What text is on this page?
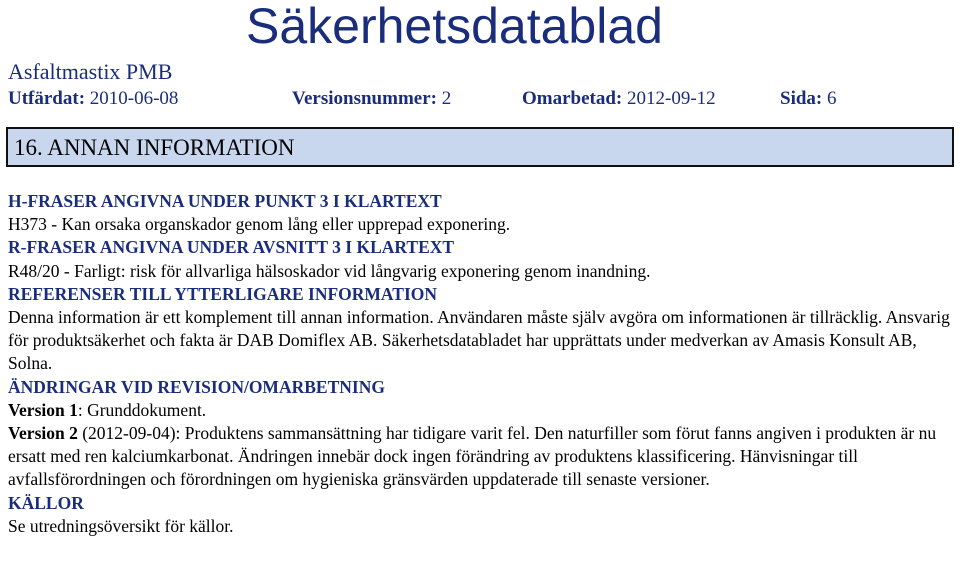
Säkerhetsdatablad
Asfaltmastix PMB
Utfärdat: 2010-06-08	Versionsnummer: 2	Omarbetad: 2012-09-12	Sida: 6
16. ANNAN INFORMATION

H-FRASER ANGIVNA UNDER PUNKT 3 I KLARTEXT

H373 - Kan orsaka organskador genom lång eller upprepad exponering.

R-FRASER ANGIVNA UNDER AVSNITT 3 I KLARTEXT

R48/20 - Farligt: risk för allvarliga hälsoskador vid långvarig exponering genom inandning.

REFERENSER TILL YTTERLIGARE INFORMATION

Denna information är ett komplement till annan information. Användaren måste själv avgöra om informationen är tillräcklig. Ansvarig för produktsäkerhet och fakta är DAB Domiflex AB. Säkerhetsdatabladet har upprättats under medverkan av Amasis Konsult AB, Solna.

ÄNDRINGAR VID REVISION/OMARBETNING

Version 1: Grunddokument.

Version 2 (2012-09-04): Produktens sammansättning har tidigare varit fel. Den naturfiller som förut fanns angiven i produkten är nu ersatt med ren kalciumkarbonat. Ändringen innebär dock ingen förändring av produktens klassificering. Hänvisningar till avfallsförordningen och förordningen om hygieniska gränsvärden uppdaterade till senaste versioner.

KÄLLOR

Se utredningsöversikt för källor.
